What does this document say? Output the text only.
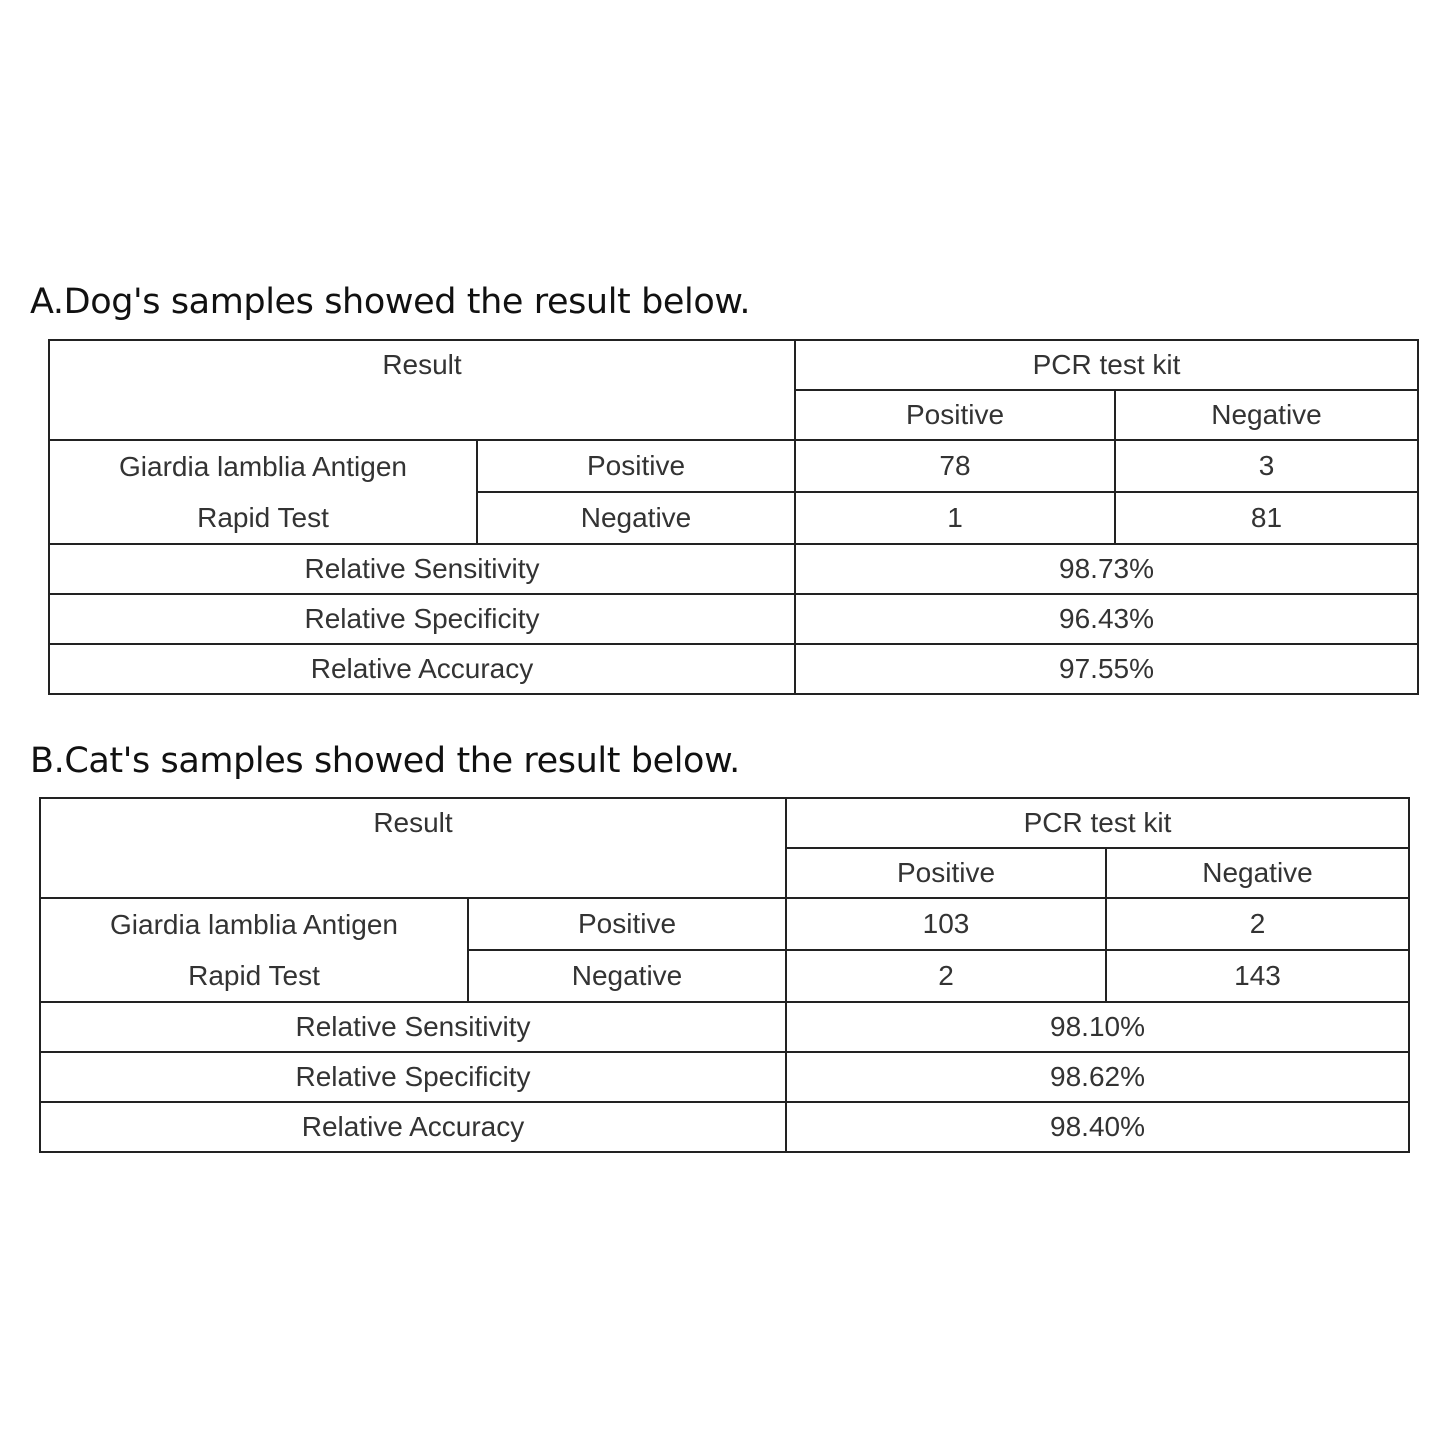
A.Dog's samples showed the result below.
Result		PCR test kit	
		Positive	Negative

Giardia lamblia Antigen
Rapid Test	Positive	78	3
	Negative	1	81
Relative Sensitivity		98.73%	
Relative Specificity		96.43%	
Relative Accuracy		97.55%	
B.Cat's samples showed the result below.
Result		PCR test kit	
		Positive	Negative

Giardia lamblia Antigen
Rapid Test	Positive	103	2
	Negative	2	143
Relative Sensitivity		98.10%	
Relative Specificity		98.62%	
Relative Accuracy		98.40%	
